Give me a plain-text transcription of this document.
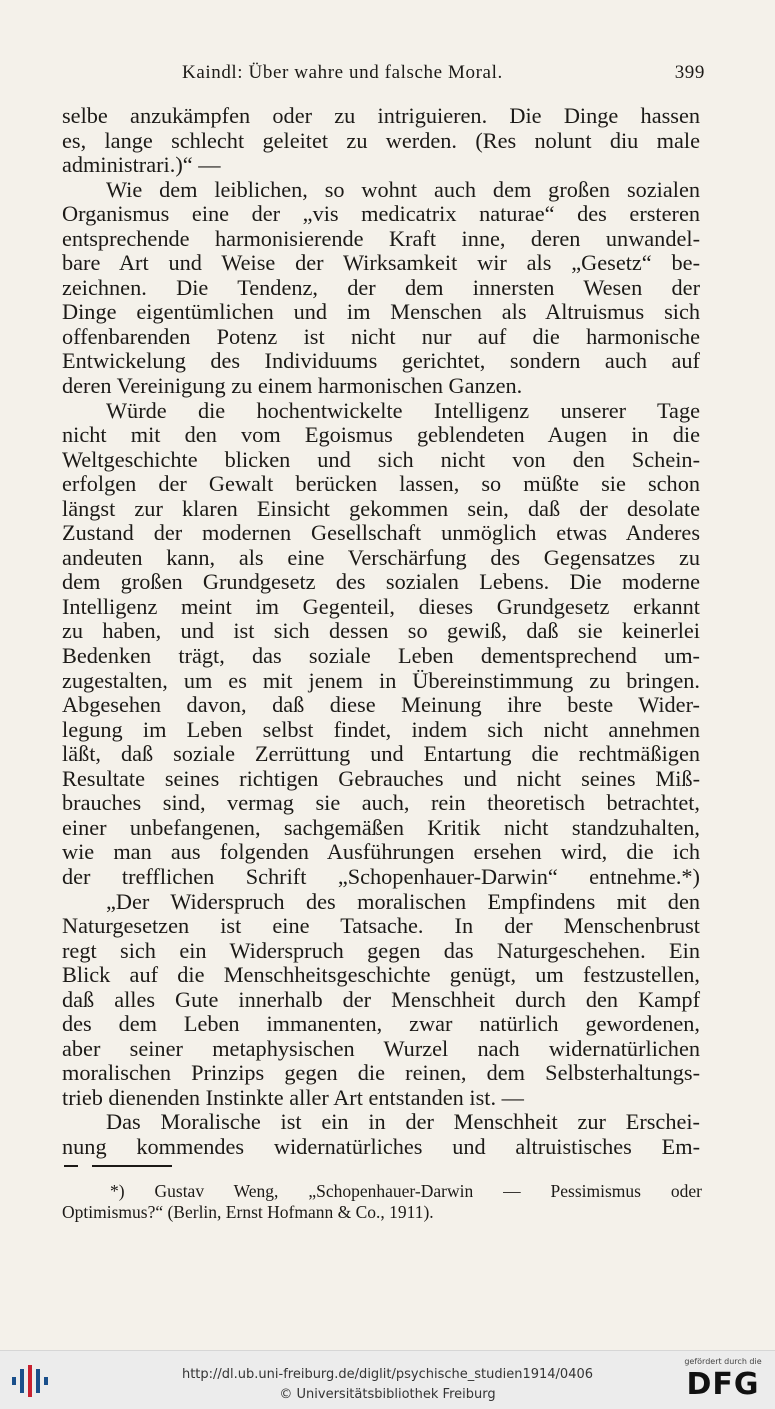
Kaindl: Über wahre und falsche Moral.	399
selbe anzukämpfen oder zu intriguieren. Die Dinge hassen
es, lange schlecht geleitet zu werden. (Res nolunt diu male
administrari.)“ —
Wie dem leiblichen, so wohnt auch dem großen sozialen
Organismus eine der „vis medicatrix naturae“ des ersteren
entsprechende harmonisierende Kraft inne, deren unwandel-
bare Art und Weise der Wirksamkeit wir als „Gesetz“ be-
zeichnen. Die Tendenz, der dem innersten Wesen der
Dinge eigentümlichen und im Menschen als Altruismus sich
offenbarenden Potenz ist nicht nur auf die harmonische
Entwickelung des Individuums gerichtet, sondern auch auf
deren Vereinigung zu einem harmonischen Ganzen.
Würde die hochentwickelte Intelligenz unserer Tage
nicht mit den vom Egoismus geblendeten Augen in die
Weltgeschichte blicken und sich nicht von den Schein-
erfolgen der Gewalt berücken lassen, so müßte sie schon
längst zur klaren Einsicht gekommen sein, daß der desolate
Zustand der modernen Gesellschaft unmöglich etwas Anderes
andeuten kann, als eine Verschärfung des Gegensatzes zu
dem großen Grundgesetz des sozialen Lebens. Die moderne
Intelligenz meint im Gegenteil, dieses Grundgesetz erkannt
zu haben, und ist sich dessen so gewiß, daß sie keinerlei
Bedenken trägt, das soziale Leben dementsprechend um-
zugestalten, um es mit jenem in Übereinstimmung zu bringen.
Abgesehen davon, daß diese Meinung ihre beste Wider-
legung im Leben selbst findet, indem sich nicht annehmen
läßt, daß soziale Zerrüttung und Entartung die rechtmäßigen
Resultate seines richtigen Gebrauches und nicht seines Miß-
brauches sind, vermag sie auch, rein theoretisch betrachtet,
einer unbefangenen, sachgemäßen Kritik nicht standzuhalten,
wie man aus folgenden Ausführungen ersehen wird, die ich
der trefflichen Schrift „Schopenhauer-Darwin“ entnehme.*)
„Der Widerspruch des moralischen Empfindens mit den
Naturgesetzen ist eine Tatsache. In der Menschenbrust
regt sich ein Widerspruch gegen das Naturgeschehen. Ein
Blick auf die Menschheitsgeschichte genügt, um festzustellen,
daß alles Gute innerhalb der Menschheit durch den Kampf
des dem Leben immanenten, zwar natürlich gewordenen,
aber seiner metaphysischen Wurzel nach widernatürlichen
moralischen Prinzips gegen die reinen, dem Selbsterhaltungs-
trieb dienenden Instinkte aller Art entstanden ist. —
Das Moralische ist ein in der Menschheit zur Erschei-
nung kommendes widernatürliches und altruistisches Em-
*) Gustav Weng, „Schopenhauer-Darwin — Pessimismus oder
Optimismus?“ (Berlin, Ernst Hofmann & Co., 1911).
http://dl.ub.uni-freiburg.de/diglit/psychische_studien1914/0406
© Universitätsbibliothek Freiburg
gefördert durch die
DFG
